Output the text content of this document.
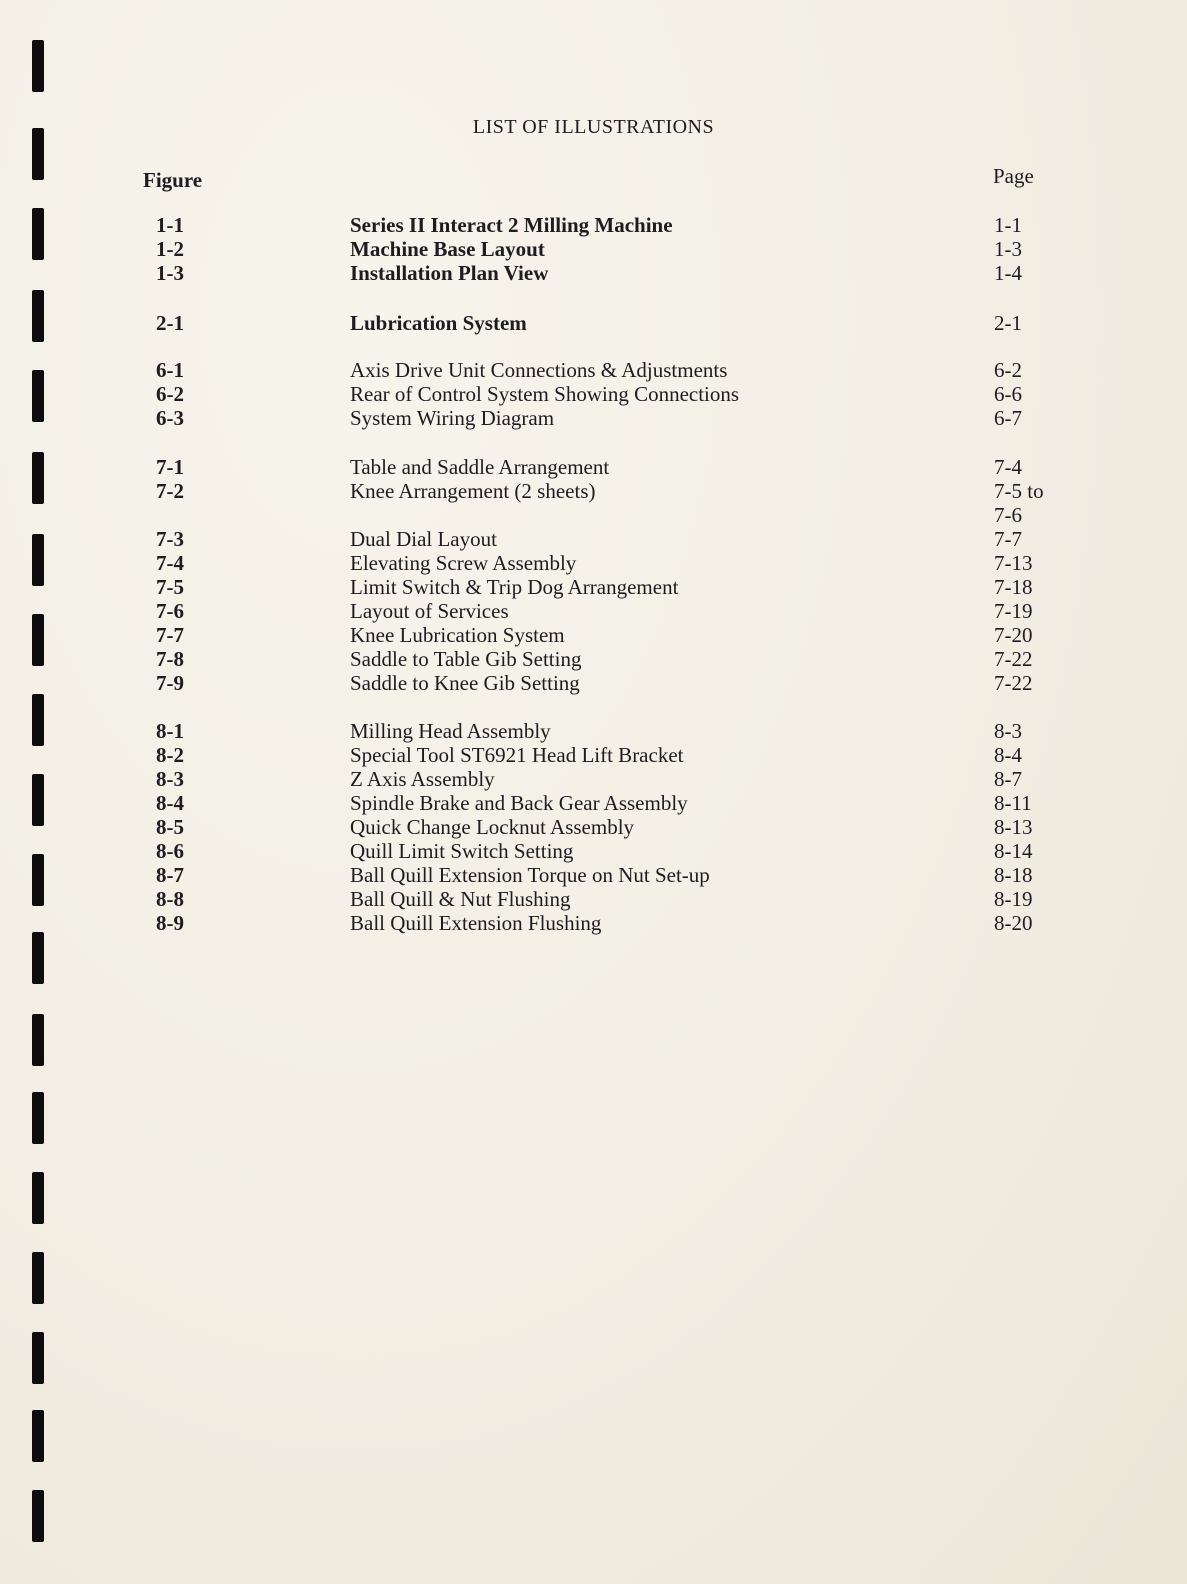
LIST OF ILLUSTRATIONS
Figure	Page
1-1	Series II Interact 2 Milling Machine	1-1
1-2	Machine Base Layout	1-3
1-3	Installation Plan View	1-4
2-1	Lubrication System	2-1
6-1	Axis Drive Unit Connections & Adjustments	6-2
6-2	Rear of Control System Showing Connections	6-6
6-3	System Wiring Diagram	6-7
7-1	Table and Saddle Arrangement	7-4
7-2	Knee Arrangement (2 sheets)	7-5 to
7-6
7-3	Dual Dial Layout	7-7
7-4	Elevating Screw Assembly	7-13
7-5	Limit Switch & Trip Dog Arrangement	7-18
7-6	Layout of Services	7-19
7-7	Knee Lubrication System	7-20
7-8	Saddle to Table Gib Setting	7-22
7-9	Saddle to Knee Gib Setting	7-22
8-1	Milling Head Assembly	8-3
8-2	Special Tool ST6921 Head Lift Bracket	8-4
8-3	Z Axis Assembly	8-7
8-4	Spindle Brake and Back Gear Assembly	8-11
8-5	Quick Change Locknut Assembly	8-13
8-6	Quill Limit Switch Setting	8-14
8-7	Ball Quill Extension Torque on Nut Set-up	8-18
8-8	Ball Quill & Nut Flushing	8-19
8-9	Ball Quill Extension Flushing	8-20
